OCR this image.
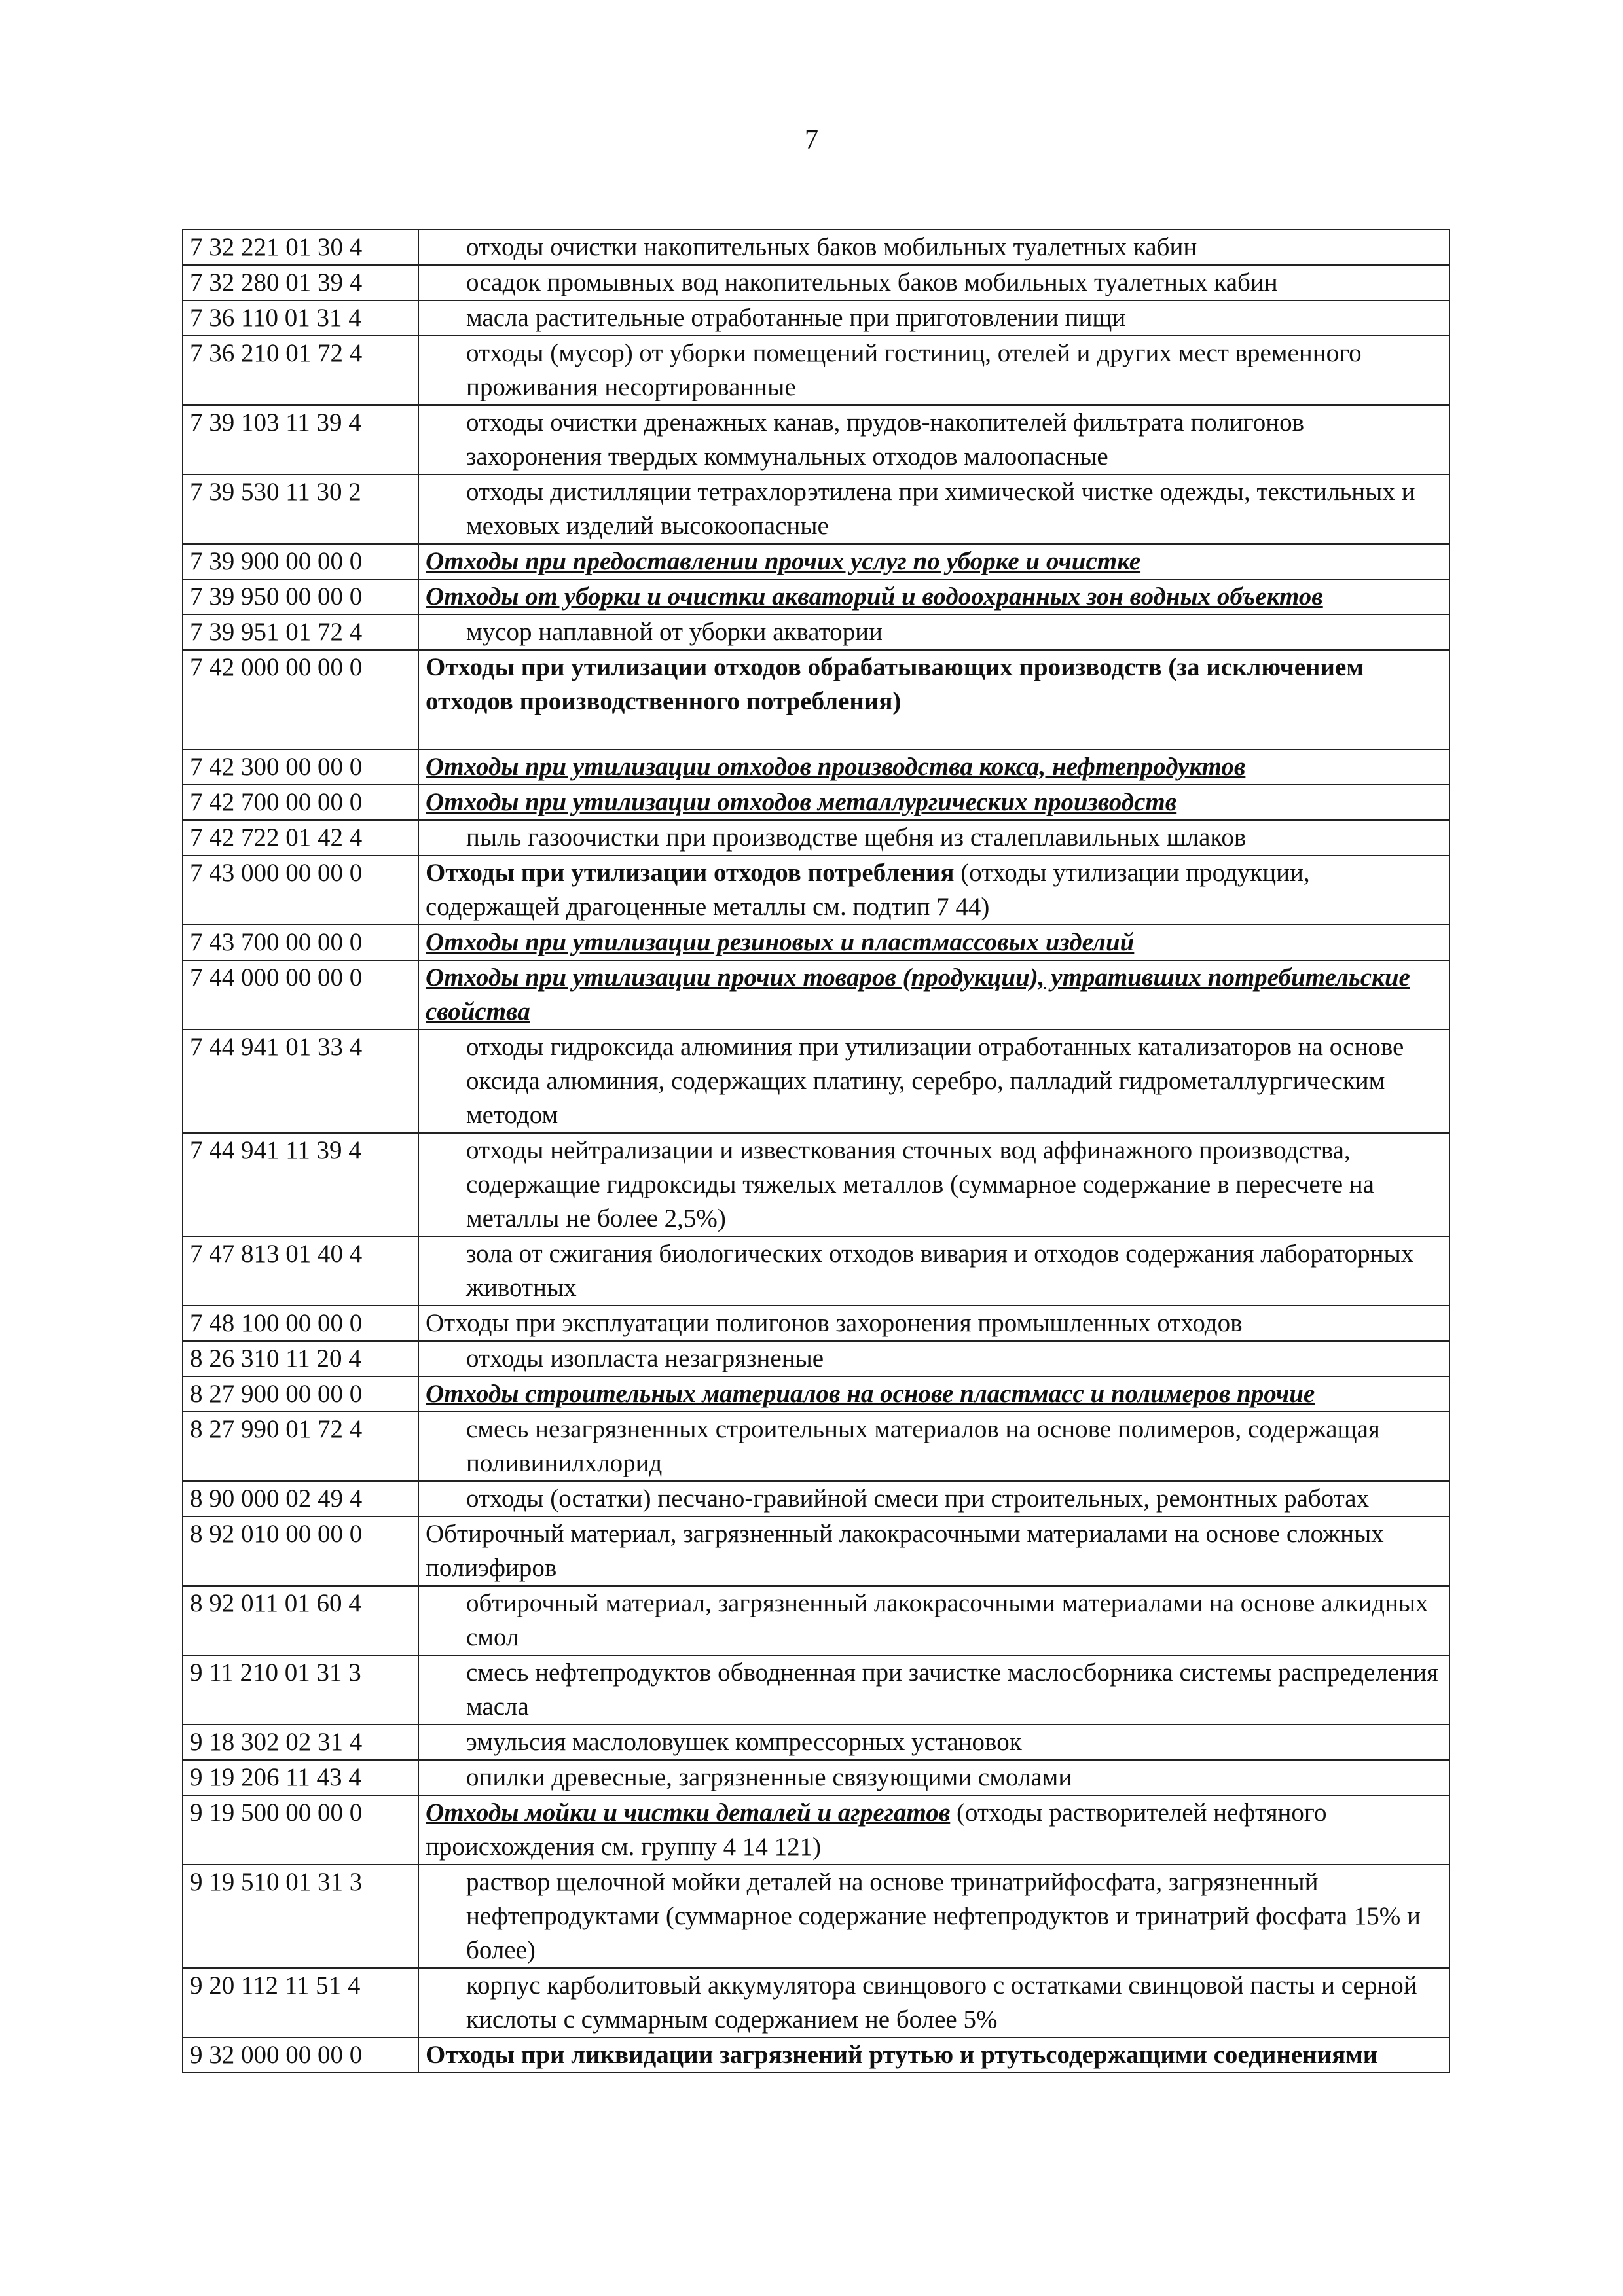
7
7 32 221 01 30 4	отходы очистки накопительных баков мобильных туалетных кабин
7 32 280 01 39 4	осадок промывных вод накопительных баков мобильных туалетных кабин
7 36 110 01 31 4	масла растительные отработанные при приготовлении пищи
7 36 210 01 72 4	отходы (мусор) от уборки помещений гостиниц, отелей и других мест временного проживания несортированные
7 39 103 11 39 4	отходы очистки дренажных канав, прудов-накопителей фильтрата полигонов захоронения твердых коммунальных отходов малоопасные
7 39 530 11 30 2	отходы дистилляции тетрахлорэтилена при химической чистке одежды, текстильных и меховых изделий высокоопасные
7 39 900 00 00 0	Отходы при предоставлении прочих услуг по уборке и очистке
7 39 950 00 00 0	Отходы от уборки и очистки акваторий и водоохранных зон водных объектов
7 39 951 01 72 4	мусор наплавной от уборки акватории
7 42 000 00 00 0	Отходы при утилизации отходов обрабатывающих производств (за исключением отходов производственного потребления)
7 42 300 00 00 0	Отходы при утилизации отходов производства кокса, нефтепродуктов
7 42 700 00 00 0	Отходы при утилизации отходов металлургических производств
7 42 722 01 42 4	пыль газоочистки при производстве щебня из сталеплавильных шлаков
7 43 000 00 00 0	Отходы при утилизации отходов потребления (отходы утилизации продукции, содержащей драгоценные металлы см. подтип 7 44)
7 43 700 00 00 0	Отходы при утилизации резиновых и пластмассовых изделий
7 44 000 00 00 0	Отходы при утилизации прочих товаров (продукции), утративших потребительские свойства
7 44 941 01 33 4	отходы гидроксида алюминия при утилизации отработанных катализаторов на основе оксида алюминия, содержащих платину, серебро, палладий гидрометаллургическим методом
7 44 941 11 39 4	отходы нейтрализации и известкования сточных вод аффинажного производства, содержащие гидроксиды тяжелых металлов (суммарное содержание в пересчете на металлы не более 2,5%)
7 47 813 01 40 4	зола от сжигания биологических отходов вивария и отходов содержания лабораторных животных
7 48 100 00 00 0	Отходы при эксплуатации полигонов захоронения промышленных отходов
8 26 310 11 20 4	отходы изопласта незагрязненые
8 27 900 00 00 0	Отходы строительных материалов на основе пластмасс и полимеров прочие
8 27 990 01 72 4	смесь незагрязненных строительных материалов на основе полимеров, содержащая поливинилхлорид
8 90 000 02 49 4	отходы (остатки) песчано-гравийной смеси при строительных, ремонтных работах
8 92 010 00 00 0	Обтирочный материал, загрязненный лакокрасочными материалами на основе сложных полиэфиров
8 92 011 01 60 4	обтирочный материал, загрязненный лакокрасочными материалами на основе алкидных смол
9 11 210 01 31 3	смесь нефтепродуктов обводненная при зачистке маслосборника системы распределения масла
9 18 302 02 31 4	эмульсия маслоловушек компрессорных установок
9 19 206 11 43 4	опилки древесные, загрязненные связующими смолами
9 19 500 00 00 0	Отходы мойки и чистки деталей и агрегатов (отходы растворителей нефтяного происхождения см. группу 4 14 121)
9 19 510 01 31 3	раствор щелочной мойки деталей на основе тринатрийфосфата, загрязненный нефтепродуктами (суммарное содержание нефтепродуктов и тринатрий фосфата 15% и более)
9 20 112 11 51 4	корпус карболитовый аккумулятора свинцового с остатками свинцовой пасты и серной кислоты с суммарным содержанием не более 5%
9 32 000 00 00 0	Отходы при ликвидации загрязнений ртутью и ртутьсодержащими соединениями
